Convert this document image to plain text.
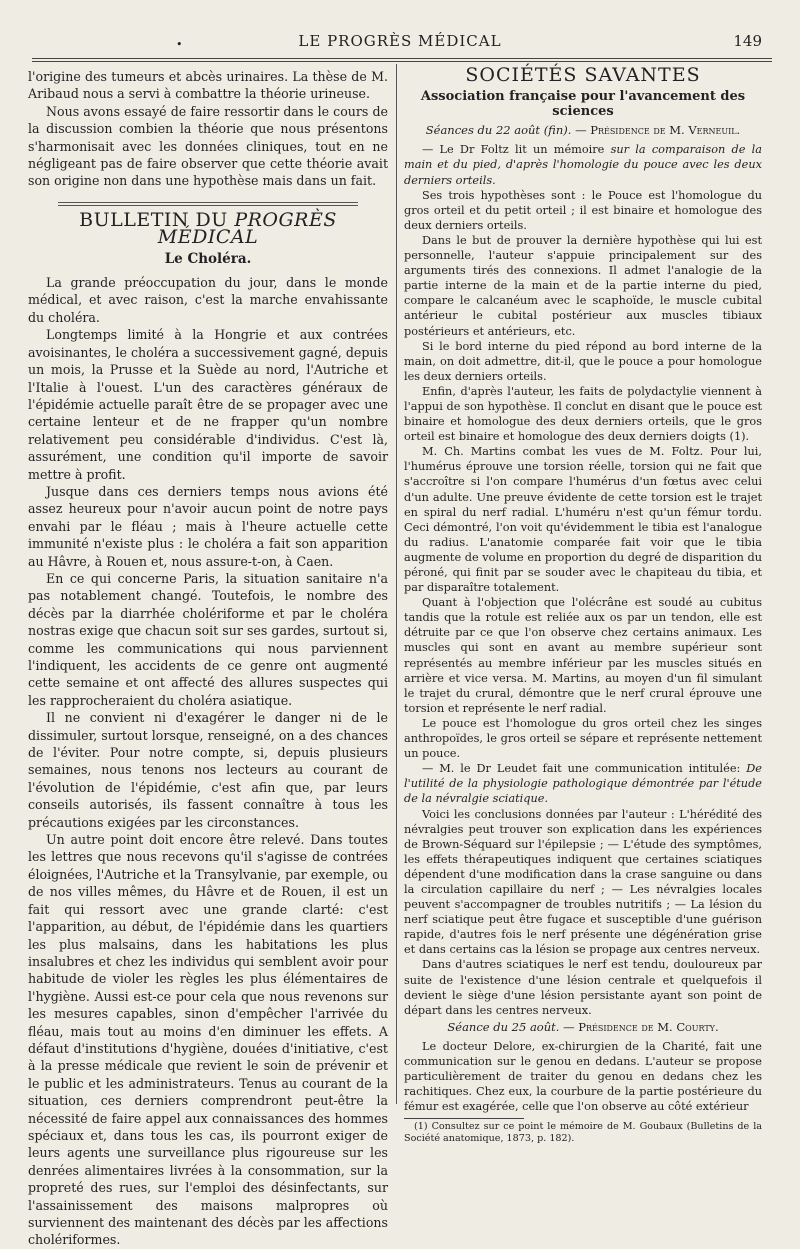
•	LE PROGRÈS MÉDICAL	149

l'origine des tumeurs et abcès urinaires. La thèse de M. Aribaud nous a servi à combattre la théorie urineuse.

Nous avons essayé de faire ressortir dans le cours de la discussion combien la théorie que nous présentons s'harmonisait avec les données cliniques, tout en ne négligeant pas de faire observer que cette théorie avait son origine non dans une hypothèse mais dans un fait.

BULLETIN DU PROGRÈS MÉDICAL
Le Choléra.

La grande préoccupation du jour, dans le monde médical, et avec raison, c'est la marche envahissante du choléra.

Longtemps limité à la Hongrie et aux contrées avoisinantes, le choléra a successivement gagné, depuis un mois, la Prusse et la Suède au nord, l'Autriche et l'Italie à l'ouest. L'un des caractères généraux de l'épidémie actuelle paraît être de se propager avec une certaine lenteur et de ne frapper qu'un nombre relativement peu considérable d'individus. C'est là, assurément, une condition qu'il importe de savoir mettre à profit.

Jusque dans ces derniers temps nous avions été assez heureux pour n'avoir aucun point de notre pays envahi par le fléau ; mais à l'heure actuelle cette immunité n'existe plus : le choléra a fait son apparition au Hâvre, à Rouen et, nous assure-t-on, à Caen.

En ce qui concerne Paris, la situation sanitaire n'a pas notablement changé. Toutefois, le nombre des décès par la diarrhée cholériforme et par le choléra nostras exige que chacun soit sur ses gardes, surtout si, comme les communications qui nous parviennent l'indiquent, les accidents de ce genre ont augmenté cette semaine et ont affecté des allures suspectes qui les rapprocheraient du choléra asiatique.

Il ne convient ni d'exagérer le danger ni de le dissimuler, surtout lorsque, renseigné, on a des chances de l'éviter. Pour notre compte, si, depuis plusieurs semaines, nous tenons nos lecteurs au courant de l'évolution de l'épidémie, c'est afin que, par leurs conseils autorisés, ils fassent connaître à tous les précautions exigées par les circonstances.

Un autre point doit encore être relevé. Dans toutes les lettres que nous recevons qu'il s'agisse de contrées éloignées, l'Autriche et la Transylvanie, par exemple, ou de nos villes mêmes, du Hâvre et de Rouen, il est un fait qui ressort avec une grande clarté: c'est l'apparition, au début, de l'épidémie dans les quartiers les plus malsains, dans les habitations les plus insalubres et chez les individus qui semblent avoir pour habitude de violer les règles les plus élémentaires de l'hygiène. Aussi est-ce pour cela que nous revenons sur les mesures capables, sinon d'empêcher l'arrivée du fléau, mais tout au moins d'en diminuer les effets. A défaut d'institutions d'hygiène, douées d'initiative, c'est à la presse médicale que revient le soin de prévenir et le public et les administrateurs. Tenus au courant de la situation, ces derniers comprendront peut-être la nécessité de faire appel aux connaissances des hommes spéciaux et, dans tous les cas, ils pourront exiger de leurs agents une surveillance plus rigoureuse sur les denrées alimentaires livrées à la consommation, sur la propreté des rues, sur l'emploi des désinfectants, sur l'assainissement des maisons malpropres où surviennent des maintenant des décès par les affections cholériformes.

SOCIÉTÉS SAVANTES
Association française pour l'avancement des sciences

Séances du 22 août (fin). — Présidence de M. Verneuil.

— Le Dr Foltz lit un mémoire sur la comparaison de la main et du pied, d'après l'homologie du pouce avec les deux derniers orteils.

Ses trois hypothèses sont : le Pouce est l'homologue du gros orteil et du petit orteil ; il est binaire et homologue des deux derniers orteils.

Dans le but de prouver la dernière hypothèse qui lui est personnelle, l'auteur s'appuie principalement sur des arguments tirés des connexions. Il admet l'analogie de la partie interne de la main et de la partie interne du pied, compare le calcanéum avec le scaphoïde, le muscle cubital antérieur le cubital postérieur aux muscles tibiaux postérieurs et antérieurs, etc.

Si le bord interne du pied répond au bord interne de la main, on doit admettre, dit-il, que le pouce a pour homologue les deux derniers orteils.

Enfin, d'après l'auteur, les faits de polydactylie viennent à l'appui de son hypothèse. Il conclut en disant que le pouce est binaire et homologue des deux derniers orteils, que le gros orteil est binaire et homologue des deux derniers doigts (1).

M. Ch. Martins combat les vues de M. Foltz. Pour lui, l'humérus éprouve une torsion réelle, torsion qui ne fait que s'accroître si l'on compare l'humérus d'un fœtus avec celui d'un adulte. Une preuve évidente de cette torsion est le trajet en spiral du nerf radial. L'huméru n'est qu'un fémur tordu. Ceci démontré, l'on voit qu'évidemment le tibia est l'analogue du radius. L'anatomie comparée fait voir que le tibia augmente de volume en proportion du degré de disparition du péroné, qui finit par se souder avec le chapiteau du tibia, et par disparaître totalement.

Quant à l'objection que l'olécrâne est soudé au cubitus tandis que la rotule est reliée aux os par un tendon, elle est détruite par ce que l'on observe chez certains animaux. Les muscles qui sont en avant au membre supérieur sont représentés au membre inférieur par les muscles situés en arrière et vice versa. M. Martins, au moyen d'un fil simulant le trajet du crural, démontre que le nerf crural éprouve une torsion et représente le nerf radial.

Le pouce est l'homologue du gros orteil chez les singes anthropoïdes, le gros orteil se sépare et représente nettement un pouce.

— M. le Dr Leudet fait une communication intitulée: De l'utilité de la physiologie pathologique démontrée par l'étude de la névralgie sciatique.

Voici les conclusions données par l'auteur : L'hérédité des névralgies peut trouver son explication dans les expériences de Brown-Séquard sur l'épilepsie ; — L'étude des symptômes, les effets thérapeutiques indiquent que certaines sciatiques dépendent d'une modification dans la crase sanguine ou dans la circulation capillaire du nerf ; — Les névralgies locales peuvent s'accompagner de troubles nutritifs ; — La lésion du nerf sciatique peut être fugace et susceptible d'une guérison rapide, d'autres fois le nerf présente une dégénération grise et dans certains cas la lésion se propage aux centres nerveux.

Dans d'autres sciatiques le nerf est tendu, douloureux par suite de l'existence d'une lésion centrale et quelquefois il devient le siège d'une lésion persistante ayant son point de départ dans les centres nerveux.

Séance du 25 août. — Présidence de M. Courty.

Le docteur Delore, ex-chirurgien de la Charité, fait une communication sur le genou en dedans. L'auteur se propose particulièrement de traiter du genou en dedans chez les rachitiques. Chez eux, la courbure de la partie postérieure du fémur est exagérée, celle que l'on observe au côté extérieur

(1) Consultez sur ce point le mémoire de M. Goubaux (Bulletins de la Société anatomique, 1873, p. 182).
